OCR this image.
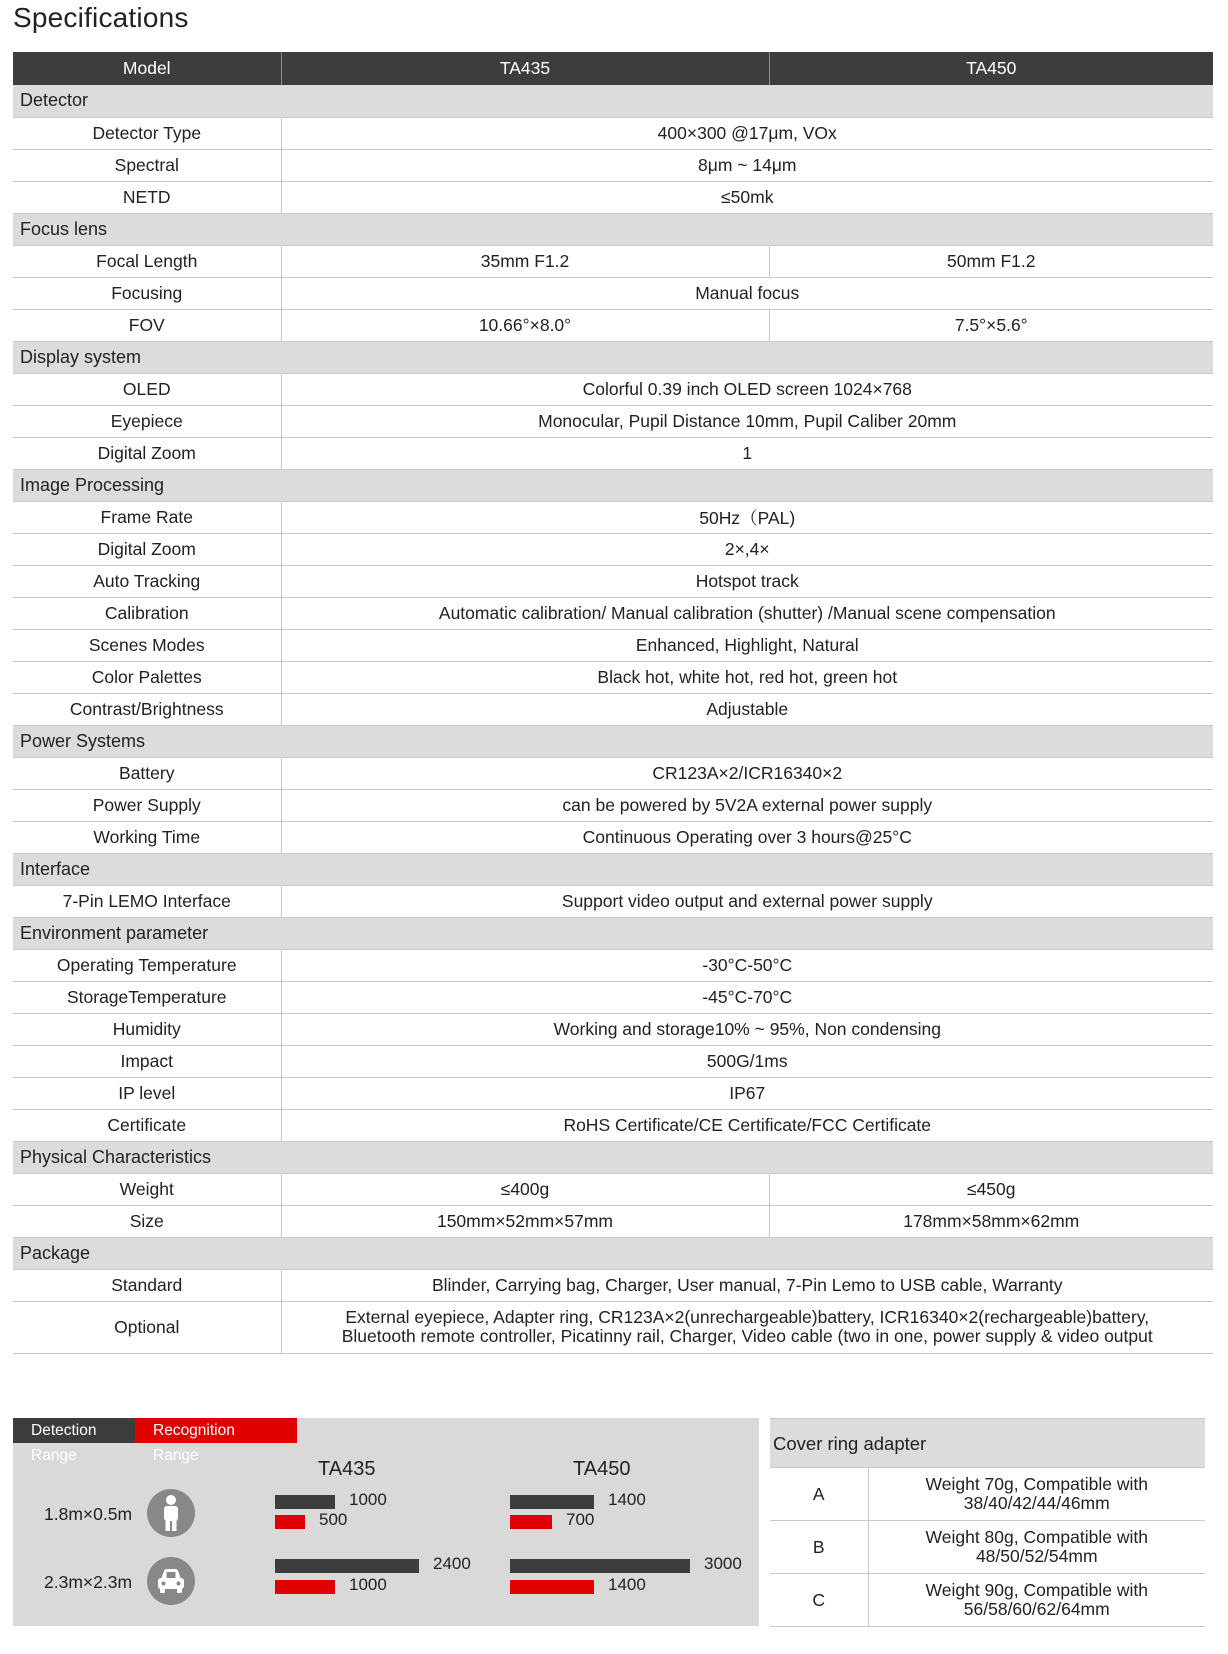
Specifications
Model	TA435	TA450
Detector		
Detector Type	400×300 @17μm, VOx	
Spectral	8μm ~ 14μm	
NETD	≤50mk	
Focus lens		
Focal Length	35mm F1.2	50mm F1.2
Focusing	Manual focus	
FOV	10.66°×8.0°	7.5°×5.6°
Display system		
OLED	Colorful 0.39 inch OLED screen 1024×768	
Eyepiece	Monocular, Pupil Distance 10mm, Pupil Caliber 20mm	
Digital Zoom	1	
Image Processing		
Frame Rate	50Hz（PAL)	
Digital Zoom	2×,4×	
Auto Tracking	Hotspot track	
Calibration	Automatic calibration/ Manual calibration (shutter) /Manual scene compensation	
Scenes Modes	Enhanced, Highlight, Natural	
Color Palettes	Black hot, white hot, red hot, green hot	
Contrast/Brightness	Adjustable	
Power Systems		
Battery	CR123A×2/ICR16340×2	
Power Supply	can be powered by 5V2A external power supply	
Working Time	Continuous Operating over 3 hours@25°C	
Interface		
7-Pin LEMO Interface	Support video output and external power supply	
Environment parameter		
Operating Temperature	-30°C-50°C	
StorageTemperature	-45°C-70°C	
Humidity	Working and storage10% ~ 95%, Non condensing	
Impact	500G/1ms	
IP level	IP67	
Certificate	RoHS Certificate/CE Certificate/FCC Certificate	
Physical Characteristics		
Weight	≤400g	≤450g
Size	150mm×52mm×57mm	178mm×58mm×62mm
Package		
Standard	Blinder, Carrying bag, Charger, User manual, 7-Pin Lemo to USB cable, Warranty	
Optional	External eyepiece, Adapter ring, CR123A×2(unrechargeable)battery, ICR16340×2(rechargeable)battery,
Bluetooth remote controller, Picatinny rail, Charger, Video cable (two in one, power supply & video output	
Detection Range
Recognition Range
TA435	TA450
1.8m×0.5m
2.3m×2.3m
1000
500
1400
700
2400
1000
3000
1400
Cover ring adapter	
A	Weight 70g, Compatible with
38/40/42/44/46mm

B	Weight 80g, Compatible with
48/50/52/54mm

C	Weight 90g, Compatible with
56/58/60/62/64mm
